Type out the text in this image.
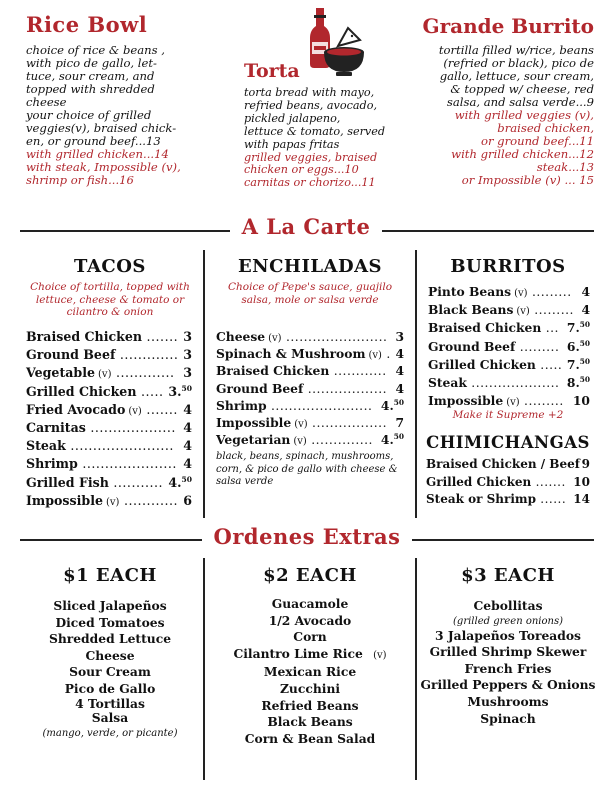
Rice Bowl
choice of rice & beans ,
with pico de gallo, let-
tuce, sour cream, and
topped with shredded
cheese
your choice of grilled
veggies(v), braised chick-
en, or ground beef...13
with grilled chicken...14
with steak, Impossible (v),
shrimp or fish...16
Torta
torta bread with mayo,
refried beans, avocado,
pickled jalapeno,
lettuce & tomato, served
with papas fritas
grilled veggies, braised
chicken or eggs...10
carnitas or chorizo...11
Grande Burrito
tortilla filled w/rice, beans
(refried or black), pico de
gallo, lettuce, sour cream,
& topped w/ cheese, red
salsa, and salsa verde...9
with grilled veggies (v),
braised chicken,
or ground beef...11
with grilled chicken...12
steak...13
or Impossible (v) ... 15
A La Carte
TACOS
Choice of tortilla, topped with
lettuce, cheese & tomato or
cilantro & onion
Braised Chicken ....... 3
Ground Beef ............. 3
Vegetable (v) ............. 3
Grilled Chicken ..... 3.50
Fried Avocado (v) ....... 4
Carnitas ................... 4
Steak ....................... 4
Shrimp ..................... 4
Grilled Fish ........... 4.50
Impossible (v) ............ 6
ENCHILADAS
Choice of Pepe's sauce, guajilo
salsa, mole or salsa verde
Cheese (v) ....................... 3
Spinach & Mushroom (v) . 4
Braised Chicken ............ 4
Ground Beef .................. 4
Shrimp ....................... 4.50
Impossible (v) ................. 7
Vegetarian (v) .............. 4.50
black, beans, spinach, mushrooms,
corn, & pico de gallo with cheese &
salsa verde
BURRITOS
Pinto Beans (v) ......... 4
Black Beans (v) ......... 4
Braised Chicken ... 7.50
Ground Beef ......... 6.50
Grilled Chicken ..... 7.50
Steak .................... 8.50
Impossible (v) ......... 10
Make it Supreme +2
CHIMICHANGAS
Braised Chicken / Beef 9
Grilled Chicken ....... 10
Steak or Shrimp ...... 14
Ordenes Extras
$1 EACH
Sliced Jalapeños
Diced Tomatoes
Shredded Lettuce
Cheese
Sour Cream
Pico de Gallo
4 Tortillas
Salsa
(mango, verde, or picante)
$2 EACH
Guacamole
1/2 Avocado
Corn
Cilantro Lime Rice (v)
Mexican Rice
Zucchini
Refried Beans
Black Beans
Corn & Bean Salad
$3 EACH
Cebollitas
(grilled green onions)
3 Jalapeños Toreados
Grilled Shrimp Skewer
French Fries
Grilled Peppers & Onions
Mushrooms
Spinach
